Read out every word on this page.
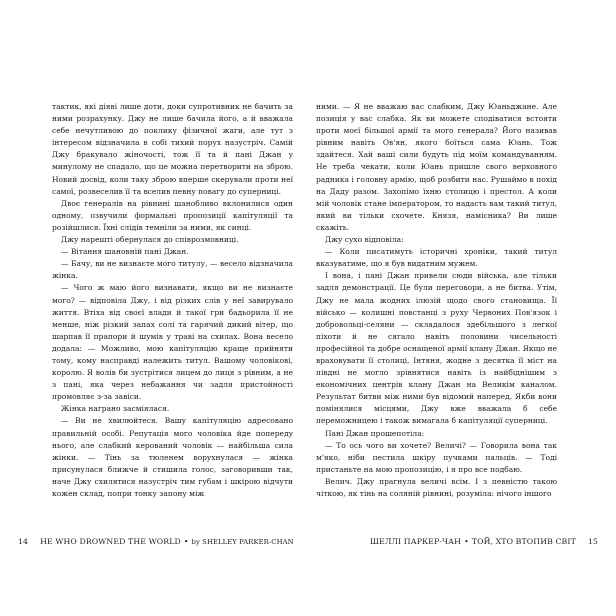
тактик, які діяві лише доти, доки супротивник не бачить за ними розрахунку. Джу не лише бачила його, а й вважала себе нечутливою до поклику фізичної жаги, але тут з інтересом відзначила в собі тихий порух назустріч. Самій Джу бракувало жіночості, тож її та й пані Джан у минулому не спадало, що це можна перетворити на зброю. Новий досвід, коли таку зброю вперше скерували проти неї самої, розвеселив її та вселив певну повагу до суперниці.

Двоє генералів на рівнині шанобливо вклонилися один одному, озвучили формальні пропозиції капітуляції та розійшлися. Їхні слідів темніли за ними, як синці.

Джу нарешті обернулася до співрозмовниці.

— Вітання шановній пані Джан.

— Бачу, ви не визнаєте мого титулу, — весело відзначила жінка.

— Чого ж маю його визнавати, якщо ви не визнаєте мого? — відповіла Джу, і від різких слів у неї завирувало життя. Втіха від своєї влади й такої гри бадьорила її не менше, ніж різкий запах солі та гарячий дикий вітер, що шарпав її прапори й шумів у траві на схилах. Вона весело додала: — Можливо, мою капітуляцію краще прийняти тому, кому насправді належить титул. Вашому чоловікові, королю. Я волів би зустрітися лицем до лиця з рівним, а не з пані, яка через небажання чи задля пристойності промовляє з-за завіси.

Жінка награно засміялася.

— Ви не хвилюйтеся. Вашу капітуляцію адресовано правильній особі. Репутація мого чоловіка йде попереду нього, але слабкий керований чоловік — найбільша сила жінки. — Тінь за тюленем ворухнулася — жінка присунулася ближче й стишила голос, заговоривши так, наче Джу схилятися назустріч тим губам і шкірою відчути кожен склад, попри тонку запону між

ними. — Я не вважаю вас слабким, Джу Юаньджане. Але позиція у вас слабка. Як ви можете сподіватися встояти проти моєї більшої армії та мого генерала? Його називав рівним навіть Ов'ян, якого боїться сама Юань. Тож здайтеся. Хай ваші сили будуть під моїм командуванням. Не треба чекати, коли Юань пришле свого верховного радника і головну армію, щоб розбити нас. Рушаймо в похід на Даду разом. Захопімо їхню столицю і престол. А коли мій чоловік стане імператором, то надасть вам такий титул, який ви тільки схочете. Князя, намісника? Ви лише скажіть.

Джу сухо відповіла:

— Коли писатимуть історичні хроніки, такий титул вказуватиме, що я був видатним мужем.

І вона, і пані Джан привели сюди війська, але тільки задля демонстрації. Це були переговори, а не битва. Утім, Джу не мала жодних ілюзій щодо свого становища. Її військо — колишні повстанці з руху Червоних Пов'язок і добровольці-селяни — складалося здебільшого з легкої піхоти й не сягало навіть половини чисельності професійної та добре оснащеної армії клану Джан. Якщо не враховувати її столиці, Інтяня, жодне з десятка її міст на півдні не могло зрівнятися навіть із найбіднішим з економічних центрів клану Джан на Великім каналом. Результат битви між ними був відомий наперед. Якби вони помінялися місцями, Джу вже вважала б себе переможницею і також вимагала б капітуляції суперниці.

Пані Джан прошепотіла:

— То ось чого ви хочете? Величі? — Говорила вона так м'яко, ніби пестила шкіру пучками пальців. — Тоді пристаньте на мою пропозицію, і я про все подбаю.

Велич. Джу прагнула величі всім. І з певністю такою чіткою, як тінь на соляній рівнині, розуміла: нічого іншого

14 HE WHO DROWNED THE WORLD • by SHELLEY PARKER-CHAN	ШЕЛЛІ ПАРКЕР-ЧАН • ТОЙ, ХТО ВТОПИВ СВІТ 15
